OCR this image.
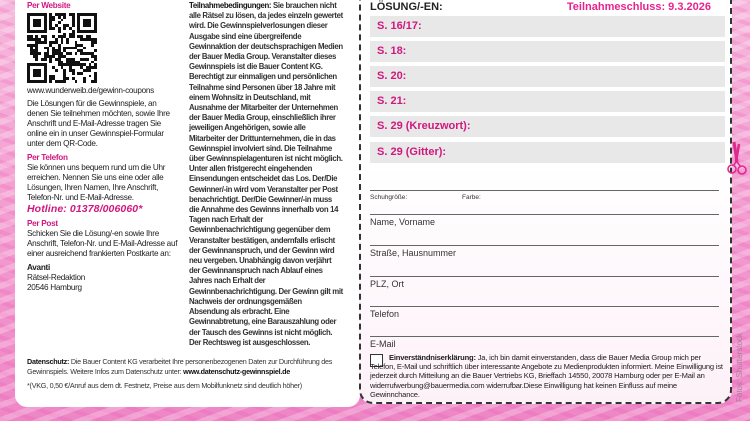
Per Website
www.wunderweib.de/gewinn-coupons
Die Lösungen für die Gewinnspiele, an denen Sie teilnehmen möchten, sowie Ihre Anschrift und E-Mail-Adresse tragen Sie online ein in unser Gewinnspiel-Formular unter dem QR-Code.
Per Telefon
Sie können uns bequem rund um die Uhr erreichen. Nennen Sie uns eine oder alle Lösungen, Ihren Namen, Ihre Anschrift, Telefon-Nr. und E-Mail-Adresse.
Hotline: 01378/006060*
Per Post
Schicken Sie die Lösung/-en sowie Ihre Anschrift, Telefon-Nr. und E-Mail-Adresse auf einer ausreichend frankierten Postkarte an:
Avanti
Rätsel-Redaktion
20546 Hamburg
Teilnahmebedingungen: Sie brauchen nicht alle Rätsel zu lösen, da jedes einzeln gewertet wird. Die Gewinnspielverlosungen dieser Ausgabe sind eine übergreifende Gewinnaktion der deutschsprachigen Medien der Bauer Media Group. Veranstalter dieses Gewinnspiels ist die Bauer Content KG. Berechtigt zur einmaligen und persönlichen Teilnahme sind Personen über 18 Jahre mit einem Wohnsitz in Deutschland, mit Ausnahme der Mitarbeiter der Unternehmen der Bauer Media Group, einschließlich ihrer jeweiligen Angehörigen, sowie alle Mitarbeiter der Drittunternehmen, die in das Gewinnspiel involviert sind. Die Teilnahme über Gewinnspielagenturen ist nicht möglich. Unter allen fristgerecht eingehenden Einsendungen entscheidet das Los. Der/Die Gewinner/-in wird vom Veranstalter per Post benachrichtigt. Der/Die Gewinner/-in muss die Annahme des Gewinns innerhalb von 14 Tagen nach Erhalt der Gewinnbenachrichtigung gegenüber dem Veranstalter bestätigen, andernfalls erlischt der Gewinnanspruch, und der Gewinn wird neu vergeben. Unabhängig davon verjährt der Gewinnanspruch nach Ablauf eines Jahres nach Erhalt der Gewinnbenachrichtigung. Der Gewinn gilt mit Nachweis der ordnungsgemäßen Absendung als erbracht. Eine Gewinnabtretung, eine Barauszahlung oder der Tausch des Gewinns ist nicht möglich. Der Rechtsweg ist ausgeschlossen.
Datenschutz: Die Bauer Content KG verarbeitet Ihre personenbezogenen Daten zur Durchführung des Gewinnspiels. Weitere Infos zum Datenschutz unter: www.datenschutz-gewinnspiel.de
*(VKG, 0,50 €/Anruf aus dem dt. Festnetz, Preise aus dem Mobilfunknetz sind deutlich höher)
LÖSUNG/-EN:	Teilnahmeschluss: 9.3.2026
S. 16/17:
S. 18:
S. 20:
S. 21:
S. 29 (Kreuzwort):
S. 29 (Gitter):
Schuhgröße:	Farbe:
Name, Vorname
Straße, Hausnummer
PLZ, Ort
Telefon
E-Mail
Einverständniserklärung: Ja, ich bin damit einverstanden, dass die Bauer Media Group mich per Telefon, E-Mail und schriftlich über interessante Angebote zu Medienprodukten informiert. Meine Einwilligung ist jederzeit durch Mitteilung an die Bauer Vertriebs KG, Brieffach 14550, 20078 Hamburg oder per E-Mail an widerrufwerbung@bauermedia.com widerrufbar.Diese Einwilligung hat keinen Einfluss auf meine Gewinnchance.	Fotos: Shutterstock
